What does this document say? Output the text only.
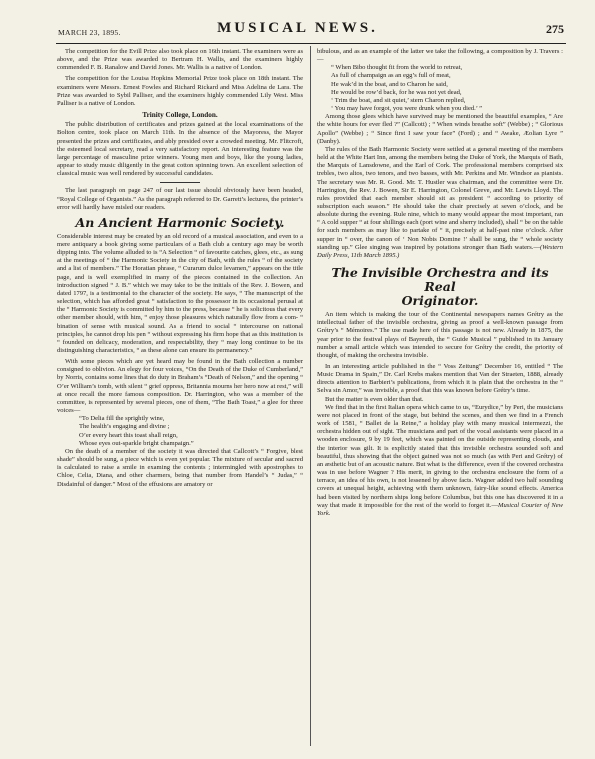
MARCH 23, 1895.	MUSICAL NEWS.	275

The competition for the Evill Prize also took place on 16th instant. The examiners were as above, and the Prize was awarded to Bertram H. Wallis, and the examiners highly commended F. B. Ranalow and David Jones. Mr. Wallis is a native of London.

The competition for the Louisa Hopkins Memorial Prize took place on 18th instant. The examiners were Messrs. Ernest Fowles and Richard Rickard and Miss Adelina de Lara. The Prize was awarded to Sybil Palliser, and the examiners highly commended Lily West. Miss Palliser is a native of London.

Trinity College, London.

The public distribution of certificates and prizes gained at the local examinations of the Bolton centre, took place on March 11th. In the absence of the Mayoress, the Mayor presented the prizes and certificates, and ably presided over a crowded meeting. Mr. Flitcroft, the esteemed local secretary, read a very satisfactory report. An interesting feature was the large percentage of masculine prize winners. Young men and boys, like the young ladies, appear to study music diligently in the great cotton spinning town. An excellent selection of classical music was well rendered by successful candidates.

The last paragraph on page 247 of our last issue should obviously have been headed, “Royal College of Organists.” As the paragraph referred to Dr. Garrett’s lectures, the printer’s error will hardly have misled our readers.

An Ancient Harmonic Society.

Considerable interest may be created by an old record of a musical association, and even to a mere antiquary a book giving some particulars of a Bath club a century ago may be worth dipping into. The volume alluded to is “A Selection “ of favourite catches, glees, etc., as sung at the meetings of “ the Harmonic Society in the city of Bath, with the rules “ of the society and a list of members.” The Horatian phrase, “ Curarum dulce levamen,” appears on the title page, and is well exemplified in many of the pieces contained in the collection. An introduction signed “ J. B.” which we may take to be the initials of the Rev. J. Bowen, and dated 1797, is a testimonial to the character of the society. He says, “ The manuscript of the selection, which has afforded great “ satisfaction to the possessor in its occasional perusal at the “ Harmonic Society is committed by him to the press, because “ he is solicitous that every other member should, with him, “ enjoy those pleasures which naturally flow from a com- “ bination of sense with musical sound. As a friend to social “ intercourse on rational principles, he cannot drop his pen “ without expressing his firm hope that as this institution is “ founded on delicacy, moderation, and respectability, they “ may long continue to be its distinguishing characteristics, “ as these alone can ensure its permanency.”

With some pieces which are yet heard may be found in the Bath collection a number consigned to oblivion. An elegy for four voices, “On the Death of the Duke of Cumberland,” by Norris, contains some lines that do duty in Braham’s “Death of Nelson,” and the opening “ O’er William’s tomb, with silent “ grief oppress, Britannia mourns her hero now at rest,” will at once recall the more famous composition. Dr. Harrington, who was a member of the committee, is represented by several pieces, one of them, “The Bath Toast,” a glee for three voices—

“To Delia fill the sprightly wine,
The health’s engaging and divine ;
O’er every heart this toast shall reign,
Whose eyes out-sparkle bright champaign.”

On the death of a member of the society it was directed that Callcott’s “ Forgive, blest shade” should be sung, a piece which is even yet popular. The mixture of secular and sacred is calculated to raise a smile in examing the contents ; intermingled with apostrophes to Chloe, Celia, Diana, and other charmers, being that number from Handel’s “ Judas,” “ Disdainful of danger.” Most of the effusions are amatory or

bibulous, and as an example of the latter we take the following, a composition by J. Travers :—

“ When Bibo thought fit from the world to retreat,
As full of champaign as an egg’s full of meat,
He wak’d in the boat, and to Charon he said,
He would be row’d back, for he was not yet dead,
‘ Trim the boat, and sit quiet,’ stern Charon replied,
‘ You may have forgot, you were drunk when you died.’ ”

Among those glees which have survived may be mentioned the beautiful examples, “ Are the white hours for ever fled ?” (Callcott) ; “ When winds breathe soft” (Webbe) ; “ Glorious Apollo” (Webbe) ; “ Since first I saw your face” (Ford) ; and “ Awake, Æolian Lyre ” (Danby).

The rules of the Bath Harmonic Society were settled at a general meeting of the members held at the White Hart Inn, among the members being the Duke of York, the Marquis of Bath, the Marquis of Lansdowne, and the Earl of Cork. The professional members comprised six trebles, two altos, two tenors, and two basses, with Mr. Perkins and Mr. Windsor as pianists. The secretary was Mr. R. Good. Mr. T. Hustler was chairman, and the committee were Dr. Harrington, the Rev. J. Bowen, Sir E. Harrington, Colonel Greve, and Mr. Lewis Lloyd. The rules provided that each member should sit as president “ according to priority of subscription each season.” He should take the chair precisely at seven o’clock, and be absolute during the evening. Rule nine, which to many would appear the most important, ran “ A cold supper “ at four shillings each (port wine and sherry included), shall “ be on the table for such members as may like to partake of “ it, precisely at half-past nine o’clock. After supper in “ over, the canon of ‘ Non Nobis Domine !’ shall be sung, the “ whole society standing up.” Glee singing was inspired by potations stronger than Bath waters.—(Western Daily Press, 11th March 1895.)

The Invisible Orchestra and its Real
Originator.

An item which is making the tour of the Continental newspapers names Grétry as the intellectual father of the invisible orchestra, giving as proof a well-known passage from Grétry’s “ Mémoires.” The use made here of this passage is not new. Already in 1875, the year prior to the festival plays of Bayreuth, the “ Guide Musical ” published in its January number a small article which was intended to secure for Grétry the credit, the priority of thought, of making the orchestra invisible.

In an interesting article published in the “ Voss Zeitung” December 16, entitled “ The Music Drama in Spain,” Dr. Carl Krebs makes mention that Van der Straeten, 1888, already directs attention to Barbieri’s publications, from which it is plain that the orchestra in the “ Selva sin Amor,” was invisible, a proof that this was known before Grétry’s time.

But the matter is even older than that.

We find that in the first Italian opera which came to us, “Eurydice,” by Peri, the musicians were not placed in front of the stage, but behind the scenes, and then we find in a French work of 1581, “ Ballet de la Reine,” a holiday play with many musical intermezzi, the orchestra hidden out of sight. The musicians and part of the vocal assistants were placed in a wooden enclosure, 9 by 19 feet, which was painted on the outside representing clouds, and the interior was gilt. It is explicitly stated that this invisible orchestra sounded soft and beautiful, thus showing that the object gained was not so much (as with Peri and Grétry) of an æsthetic but of an acoustic nature. But what is the difference, even if the covered orchestra was in use before Wagner ? His merit, in giving to the orchestra enclosure the form of a terrace, an idea of his own, is not lessened by above facts. Wagner added two half sounding covers at unequal height, achieving with them unknown, fairy-like sound effects. America had been visited by northern ships long before Columbus, but this one has discovered it in a way that made it impossible for the rest of the world to forget it.—Musical Courier of New York.
